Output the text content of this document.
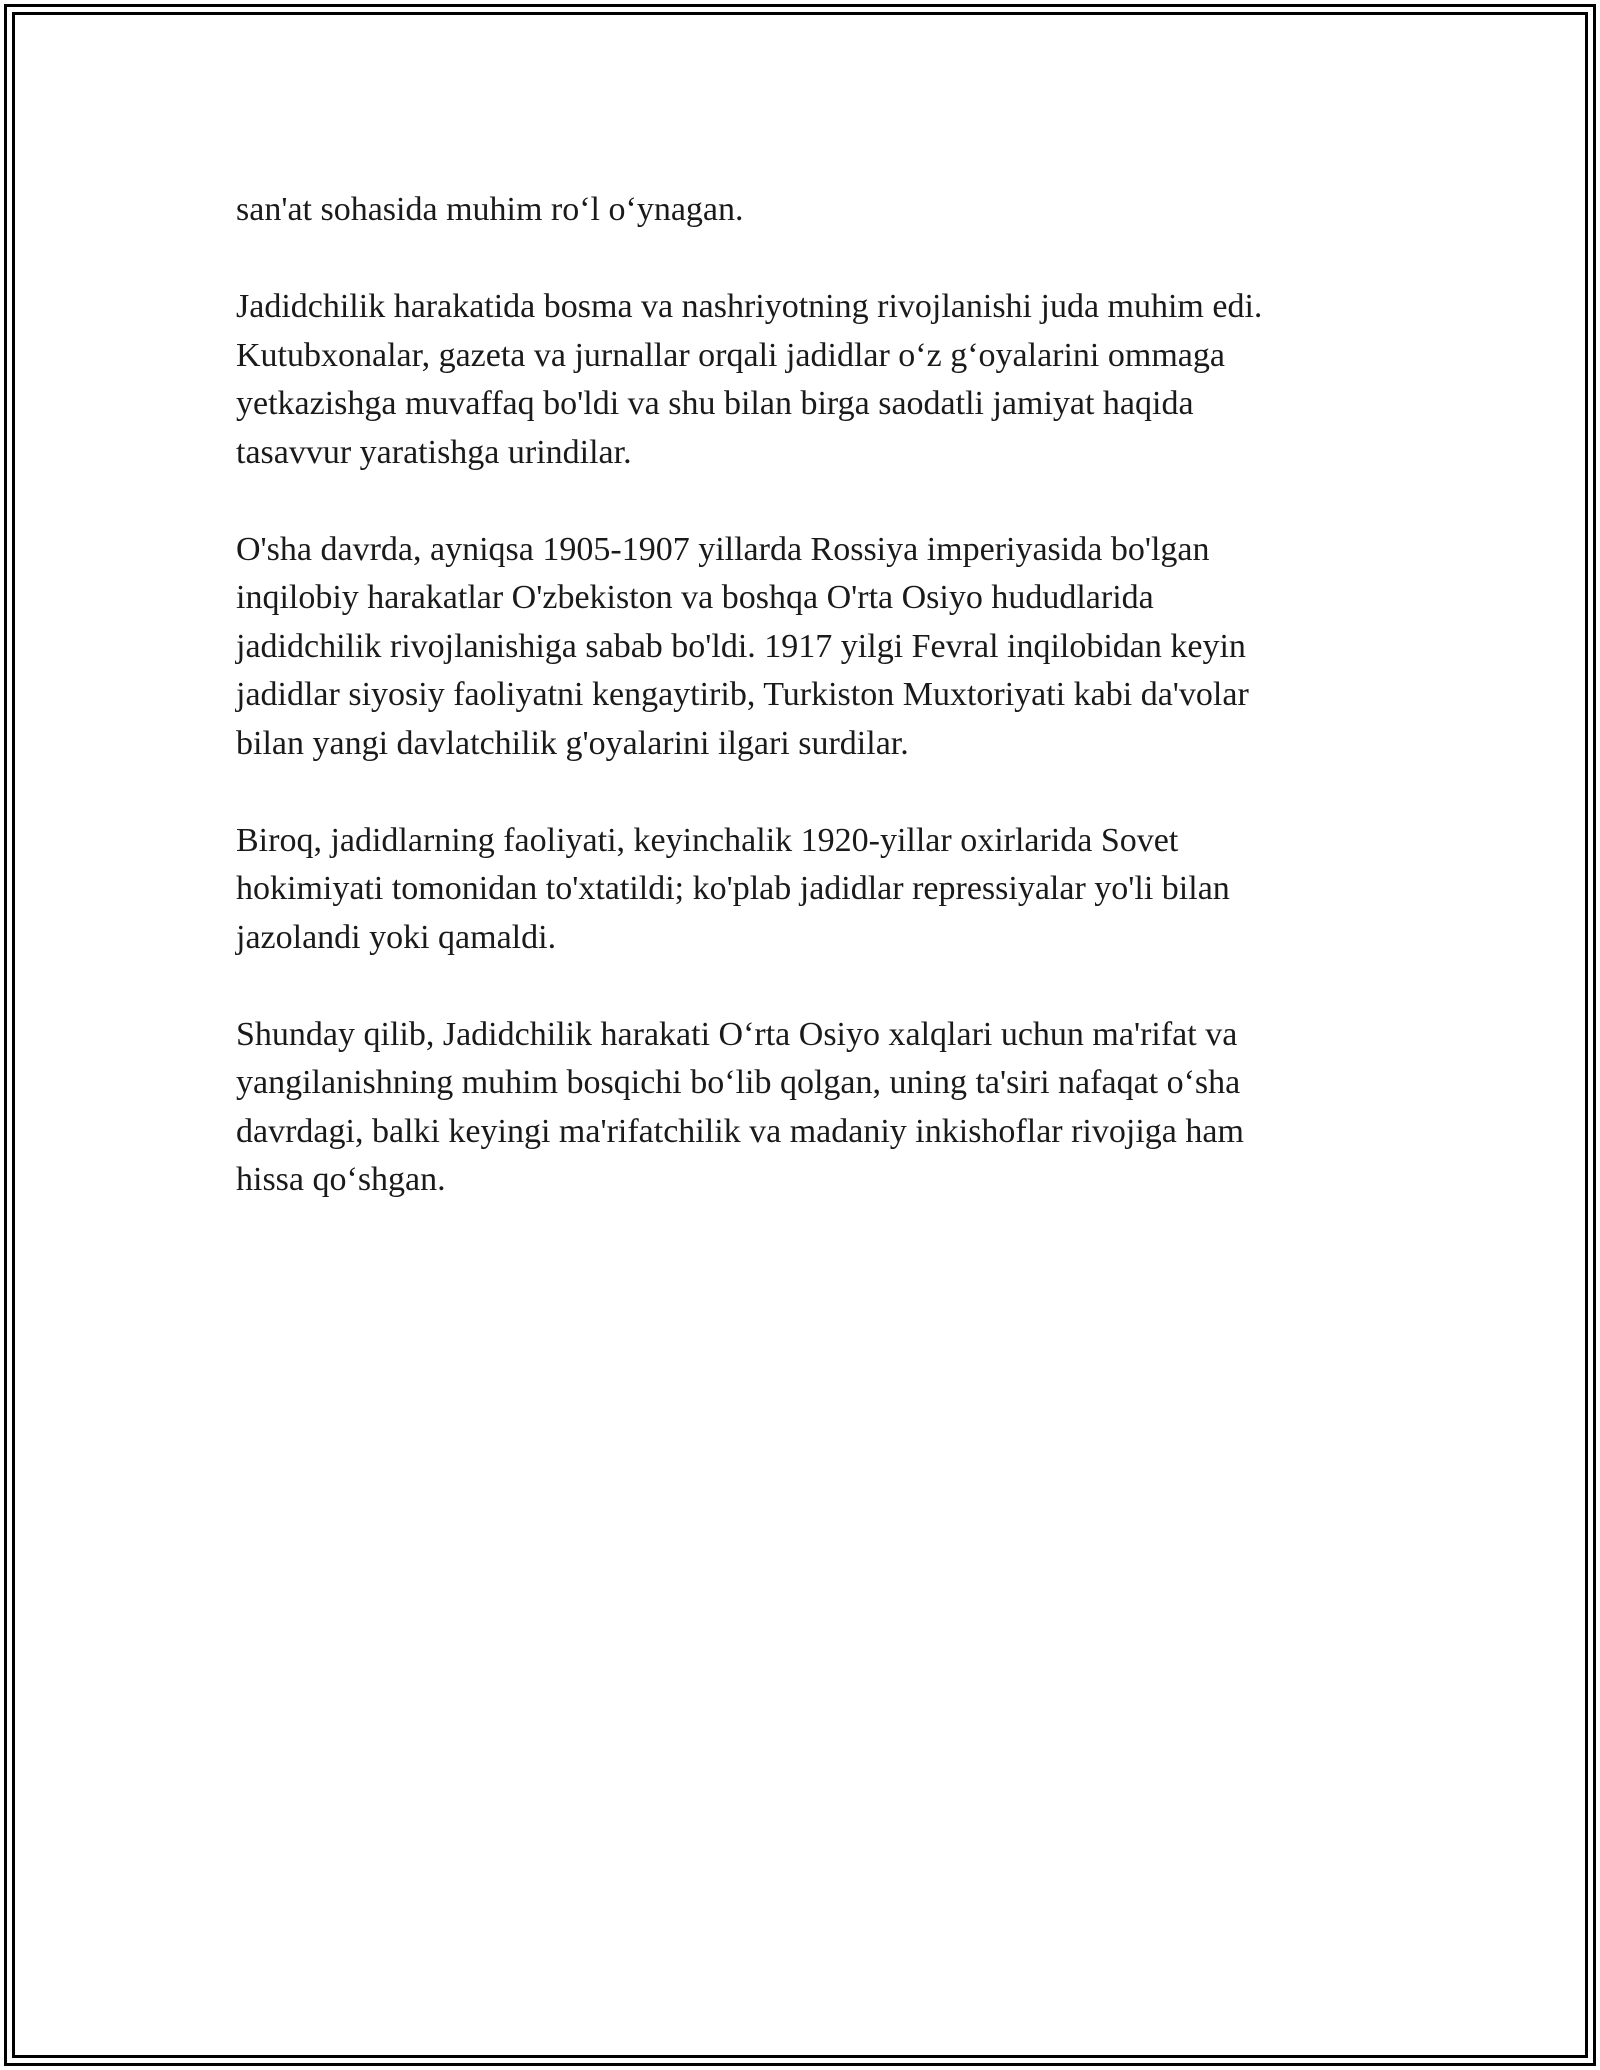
san'at sohasida muhim ro‘l o‘ynagan.

Jadidchilik harakatida bosma va nashriyotning rivojlanishi juda muhim edi.
Kutubxonalar, gazeta va jurnallar orqali jadidlar o‘z g‘oyalarini ommaga
yetkazishga muvaffaq bo'ldi va shu bilan birga saodatli jamiyat haqida
tasavvur yaratishga urindilar.

O'sha davrda, ayniqsa 1905-1907 yillarda Rossiya imperiyasida bo'lgan
inqilobiy harakatlar O'zbekiston va boshqa O'rta Osiyo hududlarida
jadidchilik rivojlanishiga sabab bo'ldi. 1917 yilgi Fevral inqilobidan keyin
jadidlar siyosiy faoliyatni kengaytirib, Turkiston Muxtoriyati kabi da'volar
bilan yangi davlatchilik g'oyalarini ilgari surdilar.

Biroq, jadidlarning faoliyati, keyinchalik 1920-yillar oxirlarida Sovet
hokimiyati tomonidan to'xtatildi; ko'plab jadidlar repressiyalar yo'li bilan
jazolandi yoki qamaldi.

Shunday qilib, Jadidchilik harakati O‘rta Osiyo xalqlari uchun ma'rifat va
yangilanishning muhim bosqichi bo‘lib qolgan, uning ta'siri nafaqat o‘sha
davrdagi, balki keyingi ma'rifatchilik va madaniy inkishoflar rivojiga ham
hissa qo‘shgan.
